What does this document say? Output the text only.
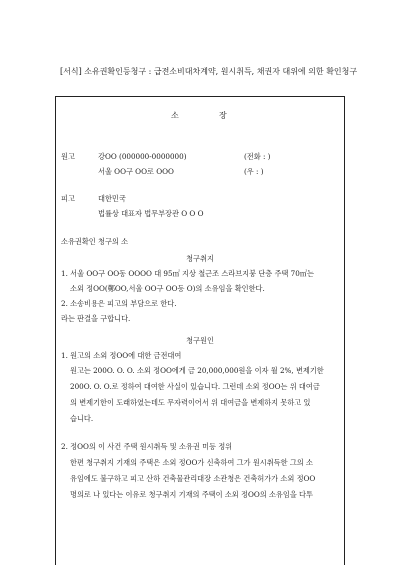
[서식] 소유권확인등청구 : 급전소비대차계약, 원시취득, 채권자 대위에 의한 확인청구
소	장
원고	강OO (000000-0000000)	(전화 : )
서울 OO구 OO로 OOO	(우 : )
피고	대한민국
법률상 대표자 법무부장관 O O O
소유권확인 청구의 소
청구취지
1. 서울 OO구 OO동 OOOO 대 95㎡ 지상 철근조 스라브지붕 단층 주택 70㎡는
소외 정OO(鄭OO,서울 OO구 OO동 O)의 소유임을 확인한다.
2. 소송비용은 피고의 부담으로 한다.
라는 판결을 구합니다.
청구원인
1. 원고의 소외 정OO에 대한 금전대여
원고는 200O. O. O. 소외 정OO에게 금 20,000,000원을 이자 월 2%, 변제기한
200O. O. O.로 정하여 대여한 사실이 있습니다. 그런데 소외 정OO는 위 대여금
의 변제기한이 도래하였는데도 무자력이어서 위 대여금을 변제하지 못하고 있
습니다.
2. 정OO의 이 사건 주택 원시취득 및 소유권 미등 정위
한편 청구취지 기재의 주택은 소외 정OO가 신축하여 그가 원시취득한 그의 소
유임에도 불구하고 피고 산하 건축물관리대장 소관청은 건축허가가 소외 정OO
명의로 나 있다는 이유로 청구취지 기재의 주택이 소외 정OO의 소유임을 다투
